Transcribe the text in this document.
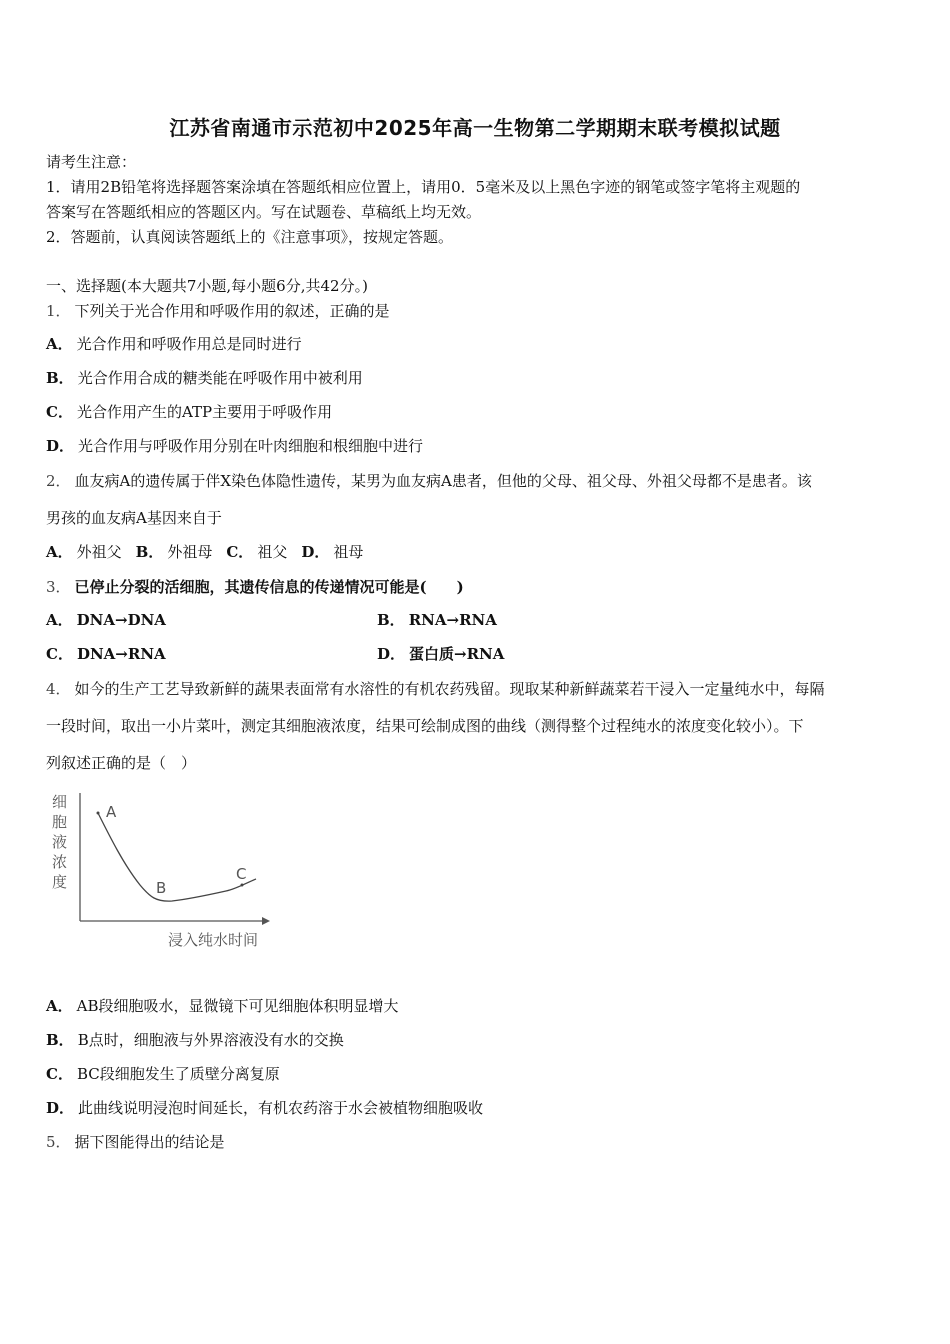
江苏省南通市示范初中2025年高一生物第二学期期末联考模拟试题
请考生注意：
1．请用2B铅笔将选择题答案涂填在答题纸相应位置上，请用0．5毫米及以上黑色字迹的钢笔或签字笔将主观题的
答案写在答题纸相应的答题区内。写在试题卷、草稿纸上均无效。
2．答题前，认真阅读答题纸上的《注意事项》，按规定答题。
一、选择题(本大题共7小题,每小题6分,共42分。)
1． 下列关于光合作用和呼吸作用的叙述，正确的是
A． 光合作用和呼吸作用总是同时进行
B． 光合作用合成的糖类能在呼吸作用中被利用
C． 光合作用产生的ATP主要用于呼吸作用
D． 光合作用与呼吸作用分别在叶肉细胞和根细胞中进行
2． 血友病A的遗传属于伴X染色体隐性遗传，某男为血友病A患者，但他的父母、祖父母、外祖父母都不是患者。该
男孩的血友病A基因来自于
A． 外祖父 B． 外祖母 C． 祖父 D． 祖母
3． 已停止分裂的活细胞，其遗传信息的传递情况可能是(　　)
A． DNA→DNA	B． RNA→RNA
C． DNA→RNA	D． 蛋白质→RNA
4． 如今的生产工艺导致新鲜的蔬果表面常有水溶性的有机农药残留。现取某种新鲜蔬菜若干浸入一定量纯水中，每隔
一段时间，取出一小片菜叶，测定其细胞液浓度，结果可绘制成图的曲线（测得整个过程纯水的浓度变化较小）。下
列叙述正确的是（　）
细
胞
液
浓
度
A
B
C
浸入纯水时间
A． AB段细胞吸水，显微镜下可见细胞体积明显增大
B． B点时，细胞液与外界溶液没有水的交换
C． BC段细胞发生了质壁分离复原
D． 此曲线说明浸泡时间延长，有机农药溶于水会被植物细胞吸收
5． 据下图能得出的结论是
